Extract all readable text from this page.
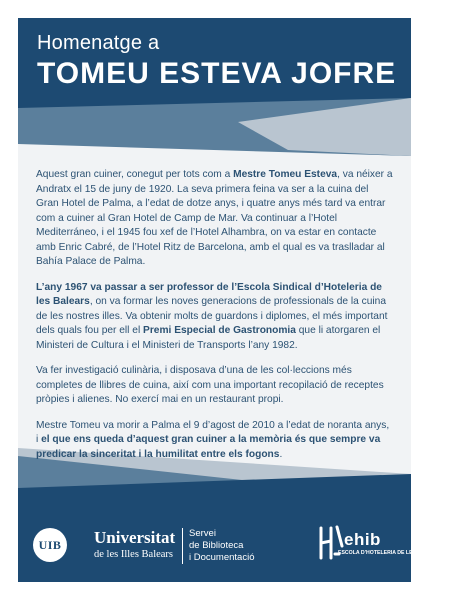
Homenatge a
TOMEU ESTEVA JOFRE

Aquest gran cuiner, conegut per tots com a Mestre Tomeu Esteva, va néixer a Andratx el 15 de juny de 1920. La seva primera feina va ser a la cuina del Gran Hotel de Palma, a l’edat de dotze anys, i quatre anys més tard va entrar com a cuiner al Gran Hotel de Camp de Mar. Va continuar a l’Hotel Mediterráneo, i el 1945 fou xef de l’Hotel Alhambra, on va estar en contacte amb Enric Cabré, de l’Hotel Ritz de Barcelona, amb el qual es va traslladar al Bahía Palace de Palma.

L’any 1967 va passar a ser professor de l’Escola Sindical d’Hoteleria de les Balears, on va formar les noves generacions de professionals de la cuina de les nostres illes. Va obtenir molts de guardons i diplomes, el més important dels quals fou per ell el Premi Especial de Gastronomia que li atorgaren el Ministeri de Cultura i el Ministeri de Transports l’any 1982.

Va fer investigació culinària, i disposava d’una de les col·leccions més completes de llibres de cuina, així com una important recopilació de receptes pròpies i alienes. No exercí mai en un restaurant propi.

Mestre Tomeu va morir a Palma el 9 d’agost de 2010 a l’edat de noranta anys, i el que ens queda d’aquest gran cuiner a la memòria és que sempre va predicar la sinceritat i la humilitat entre els fogons.

UIB	Universitat
de les Illes Balears
Servei
de Biblioteca
i Documentació
ehib
ESCOLA D’HOTELERIA DE LES ILLES BALEARS
